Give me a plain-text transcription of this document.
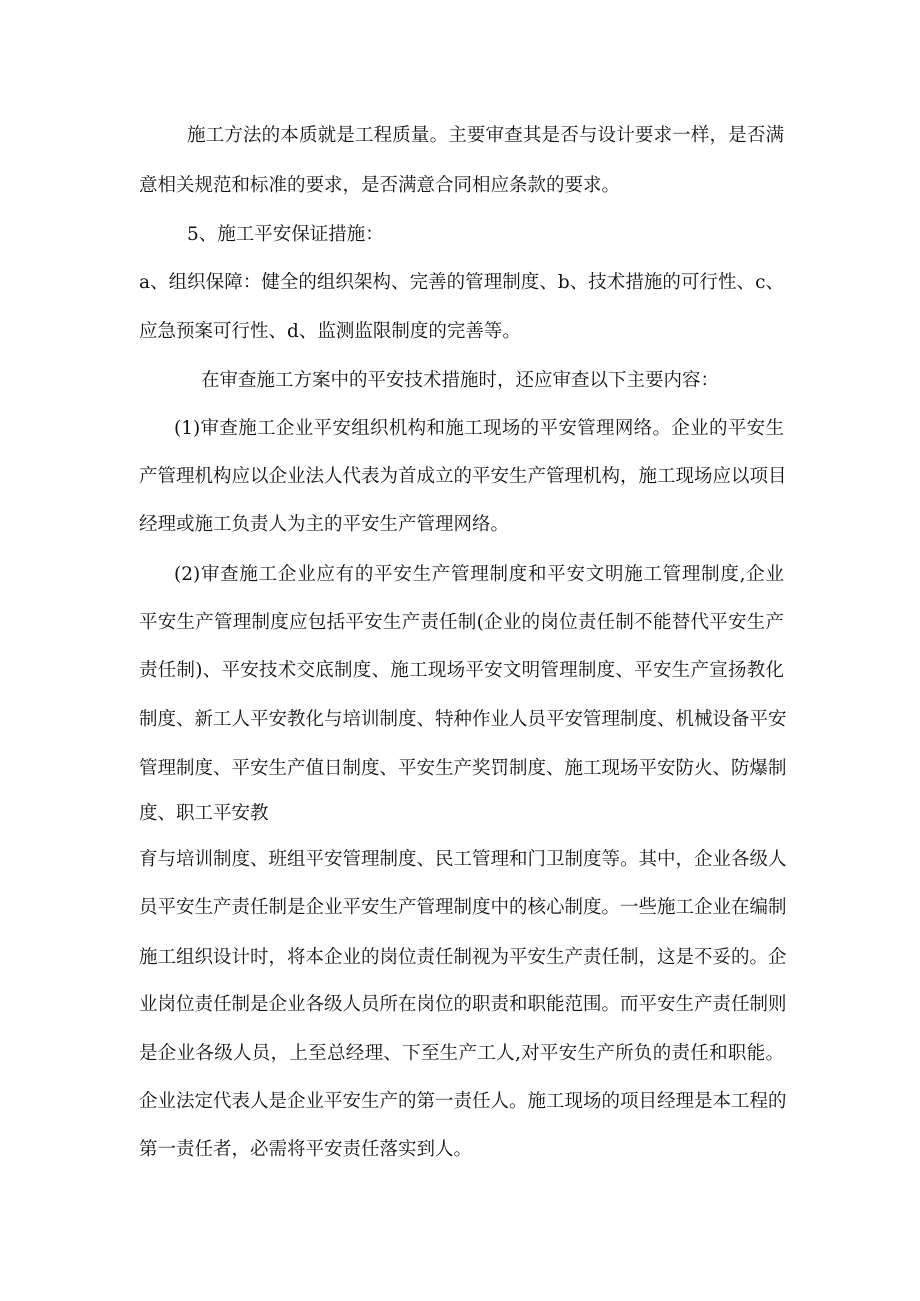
施工方法的本质就是工程质量。主要审查其是否与设计要求一样，是否满
意相关规范和标准的要求，是否满意合同相应条款的要求。
5、施工平安保证措施：
a、组织保障：健全的组织架构、完善的管理制度、b、技术措施的可行性、c、
应急预案可行性、d、监测监限制度的完善等。
在审查施工方案中的平安技术措施时，还应审查以下主要内容：
(1)审查施工企业平安组织机构和施工现场的平安管理网络。企业的平安生
产管理机构应以企业法人代表为首成立的平安生产管理机构，施工现场应以项目
经理或施工负责人为主的平安生产管理网络。
(2)审查施工企业应有的平安生产管理制度和平安文明施工管理制度,企业
平安生产管理制度应包括平安生产责任制(企业的岗位责任制不能替代平安生产
责任制)、平安技术交底制度、施工现场平安文明管理制度、平安生产宣扬教化
制度、新工人平安教化与培训制度、特种作业人员平安管理制度、机械设备平安
管理制度、平安生产值日制度、平安生产奖罚制度、施工现场平安防火、防爆制
度、职工平安教
育与培训制度、班组平安管理制度、民工管理和门卫制度等。其中，企业各级人
员平安生产责任制是企业平安生产管理制度中的核心制度。一些施工企业在编制
施工组织设计时，将本企业的岗位责任制视为平安生产责任制，这是不妥的。企
业岗位责任制是企业各级人员所在岗位的职责和职能范围。而平安生产责任制则
是企业各级人员，上至总经理、下至生产工人,对平安生产所负的责任和职能。
企业法定代表人是企业平安生产的第一责任人。施工现场的项目经理是本工程的
第一责任者，必需将平安责任落实到人。
